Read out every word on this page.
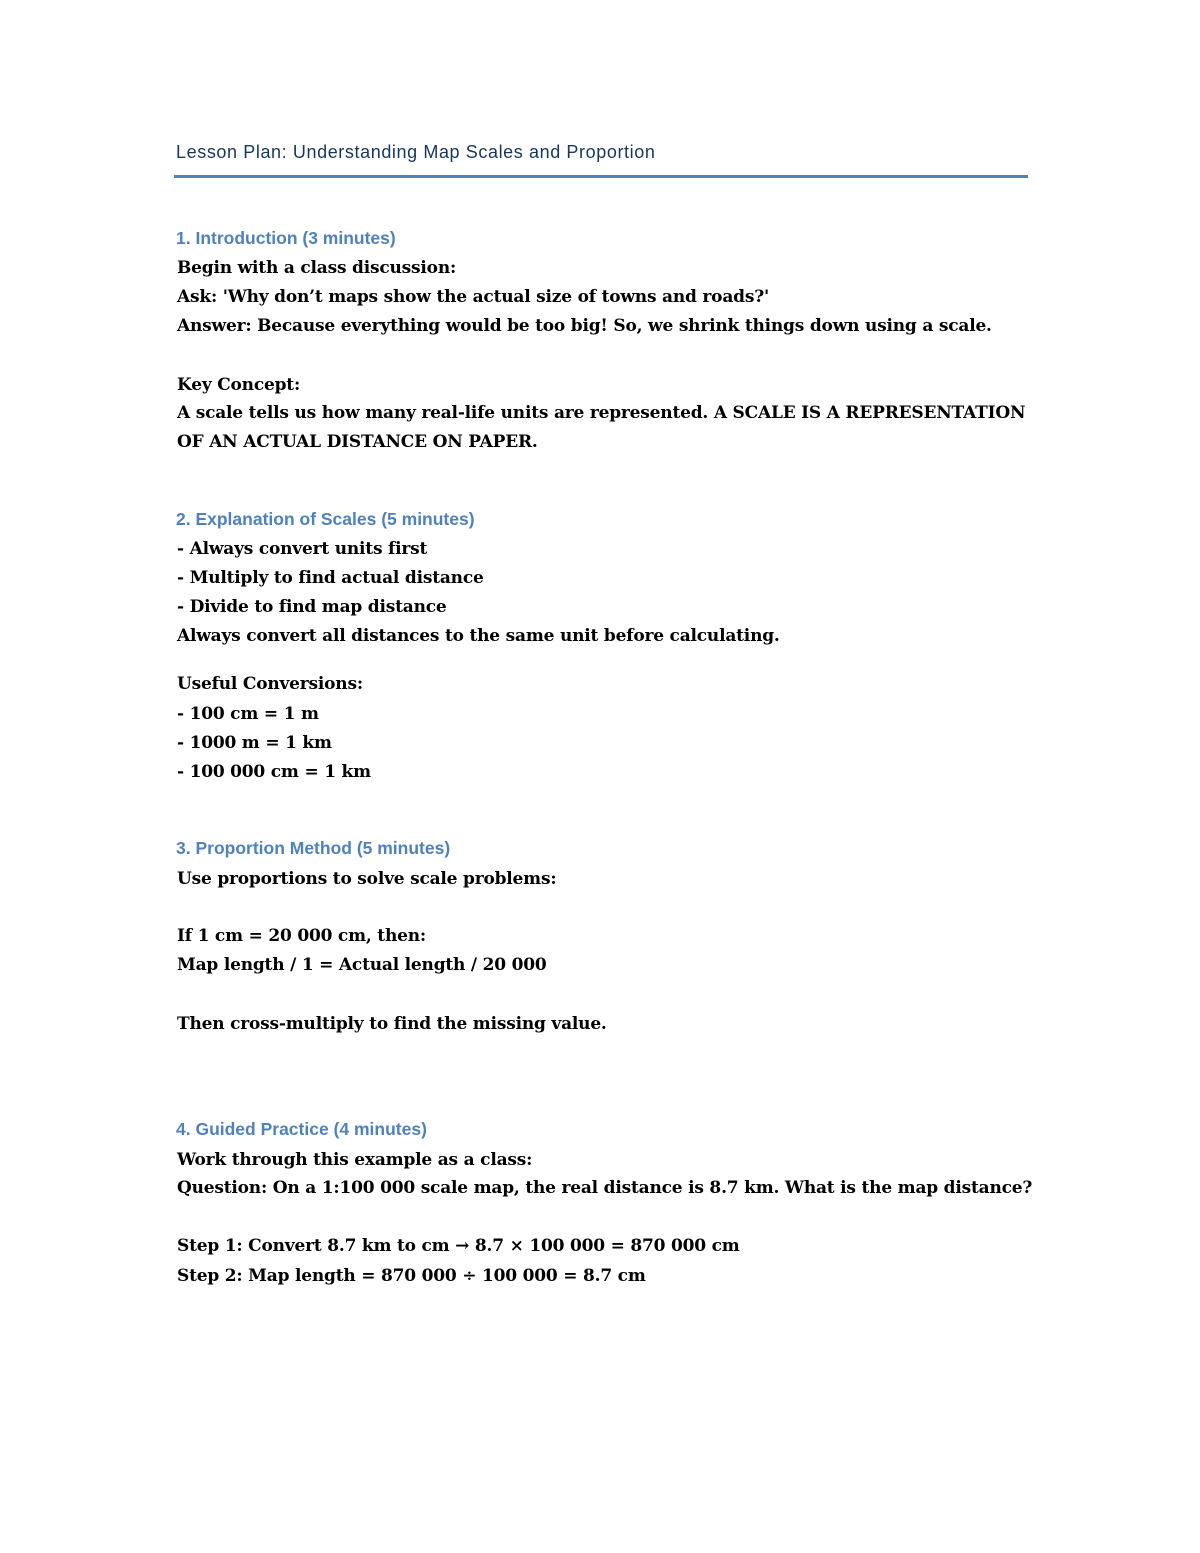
Lesson Plan: Understanding Map Scales and Proportion
1. Introduction (3 minutes)
Begin with a class discussion:
Ask: 'Why don’t maps show the actual size of towns and roads?'
Answer: Because everything would be too big! So, we shrink things down using a scale.
Key Concept:
A scale tells us how many real-life units are represented. A SCALE IS A REPRESENTATION
OF AN ACTUAL DISTANCE ON PAPER.
2. Explanation of Scales (5 minutes)
- Always convert units first
- Multiply to find actual distance
- Divide to find map distance
Always convert all distances to the same unit before calculating.
Useful Conversions:
- 100 cm = 1 m
- 1000 m = 1 km
- 100 000 cm = 1 km
3. Proportion Method (5 minutes)
Use proportions to solve scale problems:
If 1 cm = 20 000 cm, then:
Map length / 1 = Actual length / 20 000
Then cross-multiply to find the missing value.
4. Guided Practice (4 minutes)
Work through this example as a class:
Question: On a 1:100 000 scale map, the real distance is 8.7 km. What is the map distance?
Step 1: Convert 8.7 km to cm → 8.7 × 100 000 = 870 000 cm
Step 2: Map length = 870 000 ÷ 100 000 = 8.7 cm
